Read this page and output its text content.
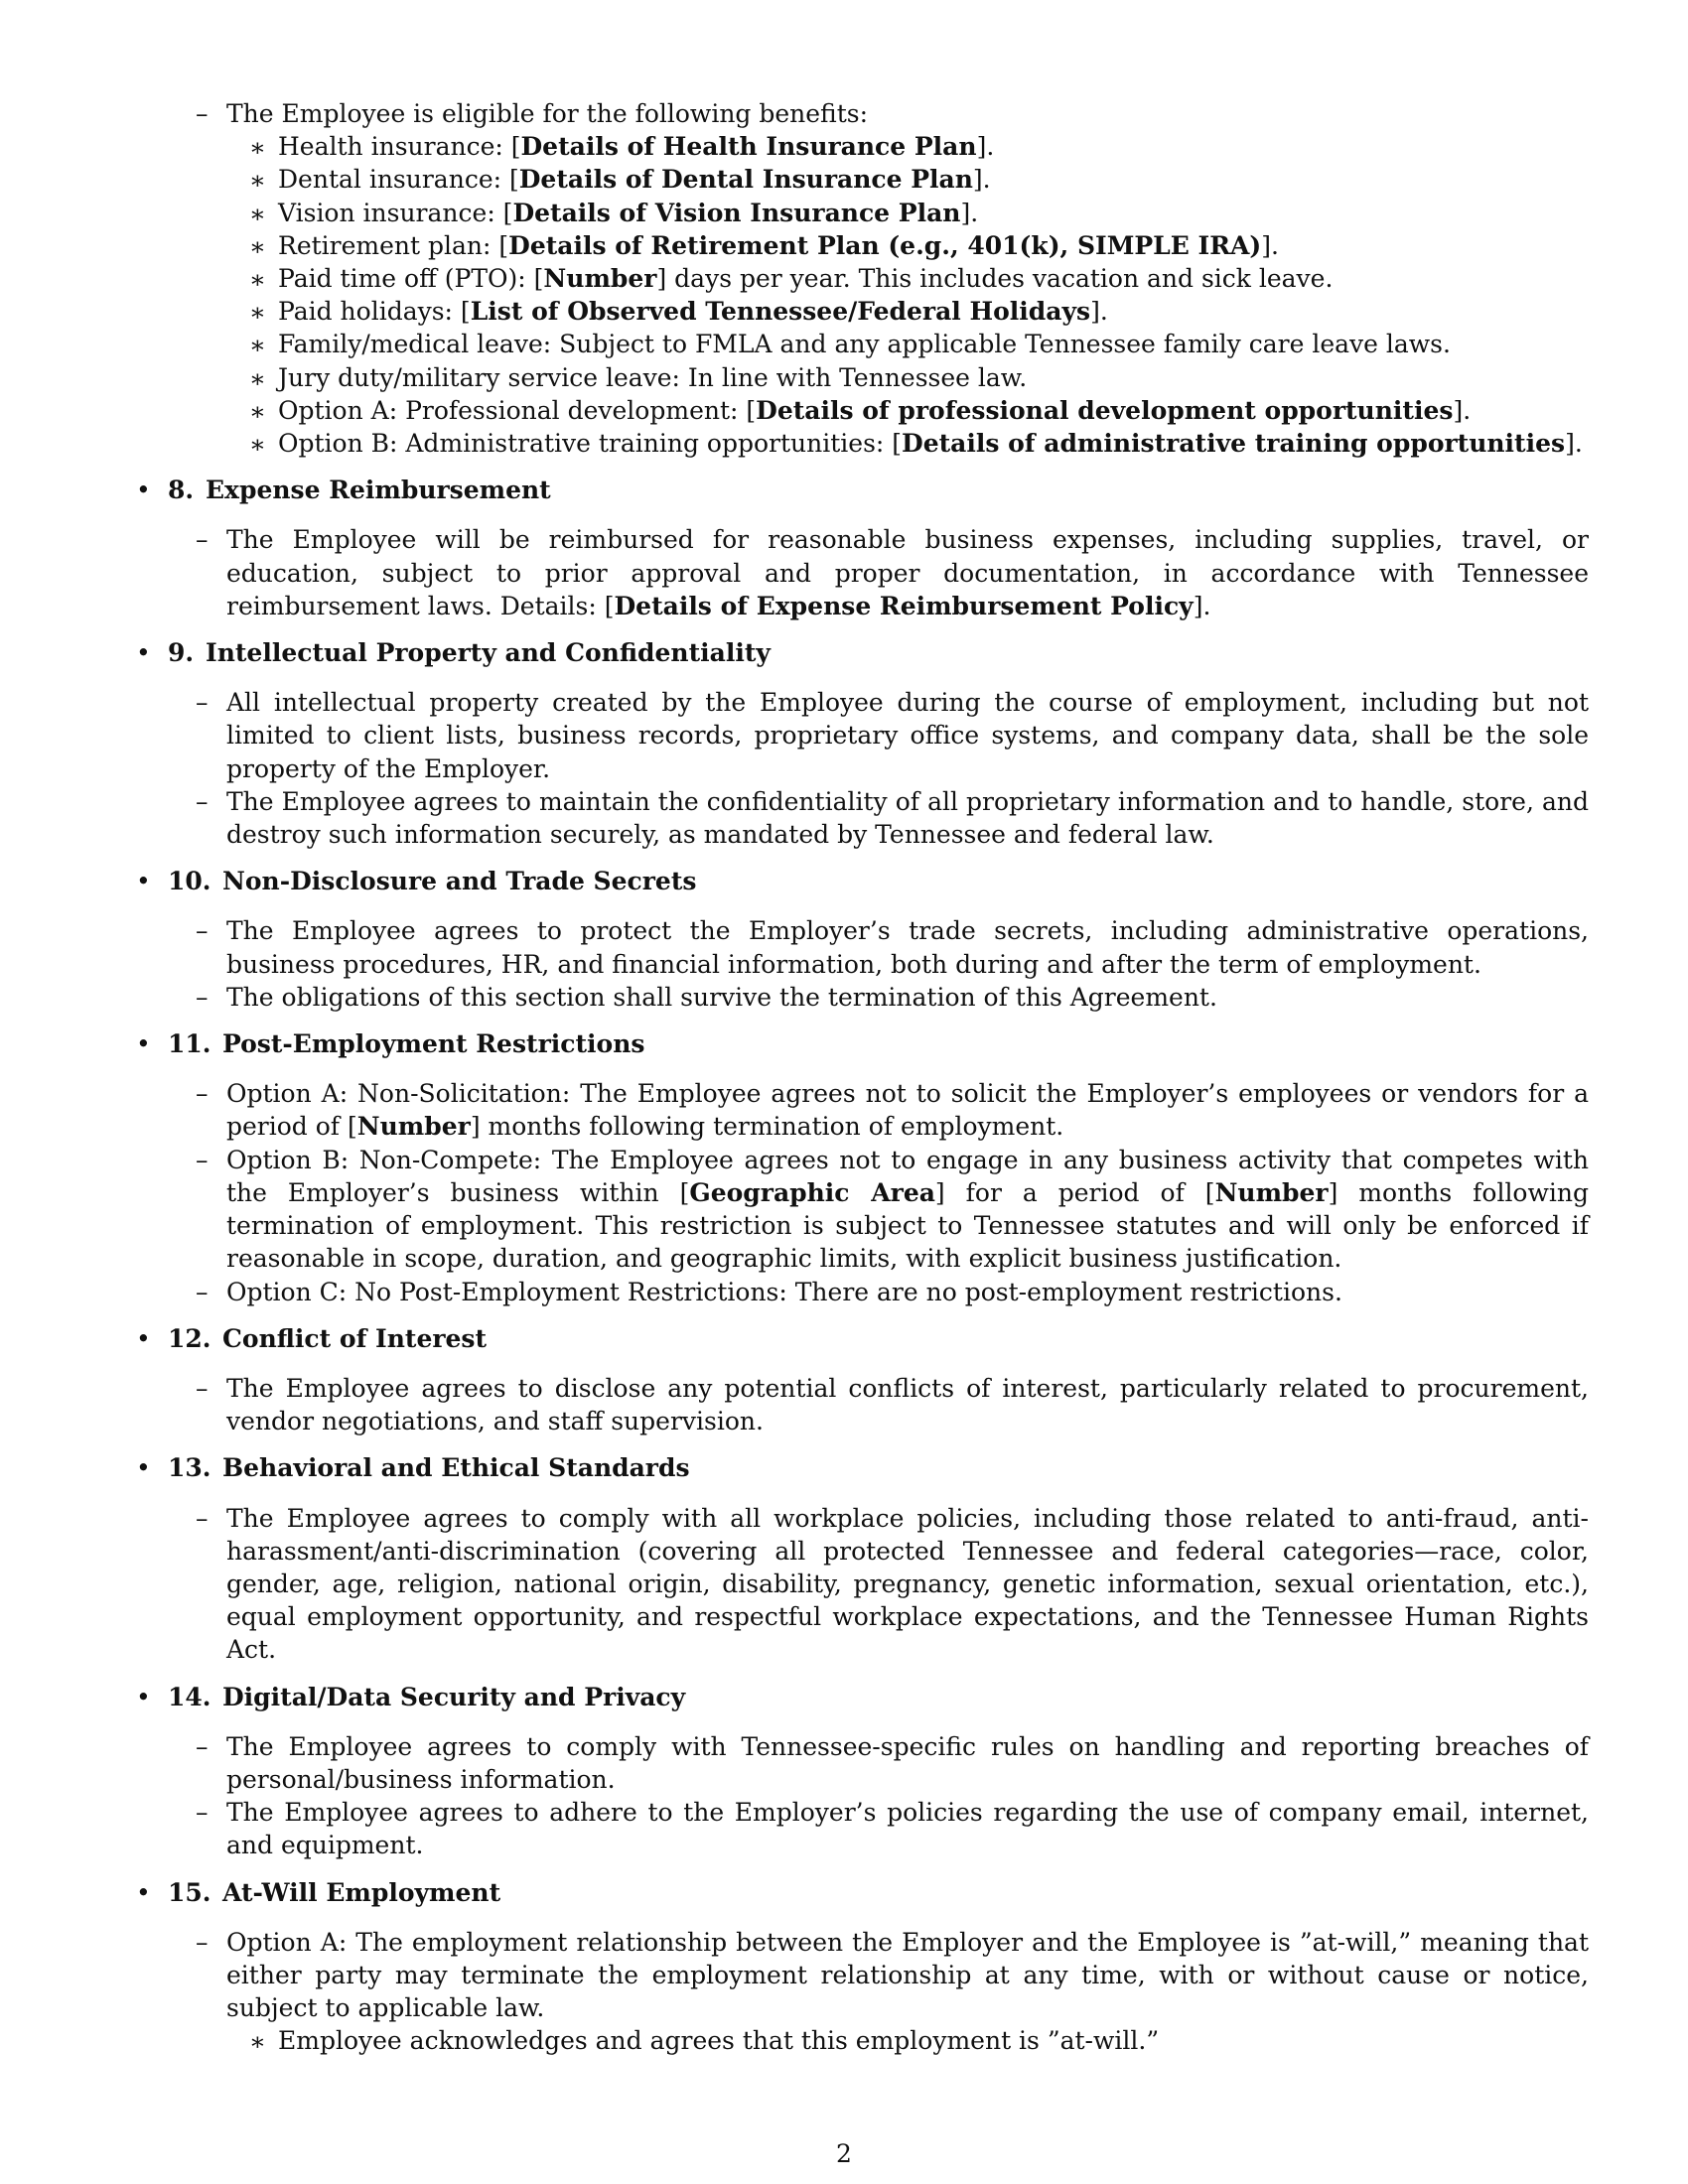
– The Employee is eligible for the following benefits:
∗ Health insurance: [Details of Health Insurance Plan].
∗ Dental insurance: [Details of Dental Insurance Plan].
∗ Vision insurance: [Details of Vision Insurance Plan].
∗ Retirement plan: [Details of Retirement Plan (e.g., 401(k), SIMPLE IRA)].
∗ Paid time off (PTO): [Number] days per year. This includes vacation and sick leave.
∗ Paid holidays: [List of Observed Tennessee/Federal Holidays].
∗ Family/medical leave: Subject to FMLA and any applicable Tennessee family care leave laws.
∗ Jury duty/military service leave: In line with Tennessee law.
∗ Option A: Professional development: [Details of professional development opportunities].
∗ Option B: Administrative training opportunities: [Details of administrative training opportunities].
• 8. Expense Reimbursement
– The Employee will be reimbursed for reasonable business expenses, including supplies, travel, or education, subject to prior approval and proper documentation, in accordance with Tennessee reimbursement laws. Details: [Details of Expense Reimbursement Policy].
• 9. Intellectual Property and Confidentiality
– All intellectual property created by the Employee during the course of employment, including but not limited to client lists, business records, proprietary office systems, and company data, shall be the sole property of the Employer.
– The Employee agrees to maintain the confidentiality of all proprietary information and to handle, store, and destroy such information securely, as mandated by Tennessee and federal law.
• 10. Non-Disclosure and Trade Secrets
– The Employee agrees to protect the Employer’s trade secrets, including administrative operations, business procedures, HR, and financial information, both during and after the term of employment.
– The obligations of this section shall survive the termination of this Agreement.
• 11. Post-Employment Restrictions
– Option A: Non-Solicitation: The Employee agrees not to solicit the Employer’s employees or vendors for a period of [Number] months following termination of employment.
– Option B: Non-Compete: The Employee agrees not to engage in any business activity that competes with the Employer’s business within [Geographic Area] for a period of [Number] months following termination of employment. This restriction is subject to Tennessee statutes and will only be enforced if reasonable in scope, duration, and geographic limits, with explicit business justification.
– Option C: No Post-Employment Restrictions: There are no post-employment restrictions.
• 12. Conflict of Interest
– The Employee agrees to disclose any potential conflicts of interest, particularly related to procurement, vendor negotiations, and staff supervision.
• 13. Behavioral and Ethical Standards
– The Employee agrees to comply with all workplace policies, including those related to anti-fraud, anti-harassment/anti-discrimination (covering all protected Tennessee and federal categories—race, color, gender, age, religion, national origin, disability, pregnancy, genetic information, sexual orientation, etc.), equal employment opportunity, and respectful workplace expectations, and the Tennessee Human Rights Act.
• 14. Digital/Data Security and Privacy
– The Employee agrees to comply with Tennessee-specific rules on handling and reporting breaches of personal/business information.
– The Employee agrees to adhere to the Employer’s policies regarding the use of company email, internet, and equipment.
• 15. At-Will Employment
– Option A: The employment relationship between the Employer and the Employee is ”at-will,” meaning that either party may terminate the employment relationship at any time, with or without cause or notice, subject to applicable law.
∗ Employee acknowledges and agrees that this employment is ”at-will.”
2
